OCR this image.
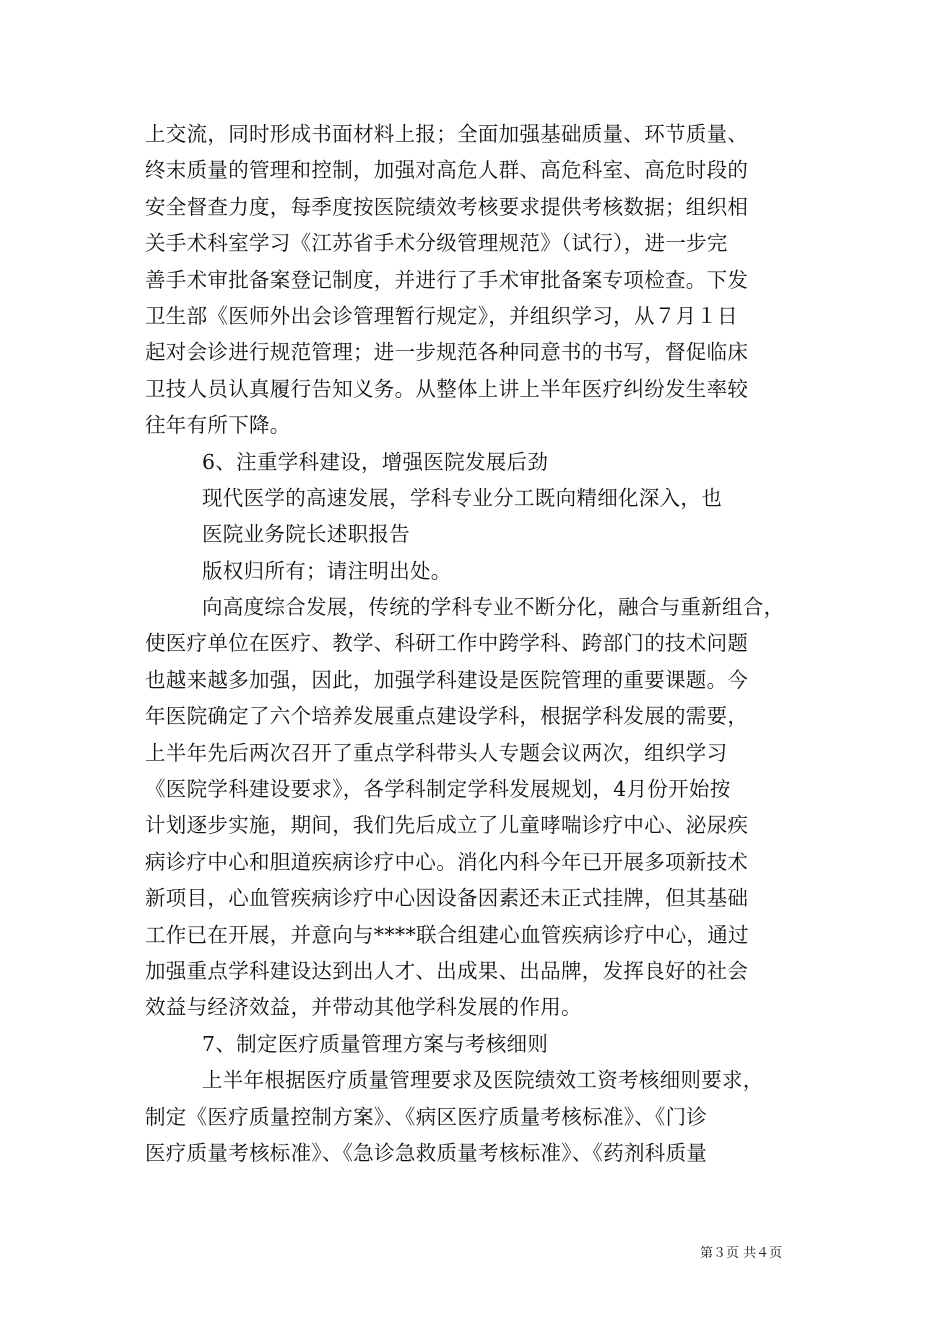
上交流，同时形成书面材料上报；全面加强基础质量、环节质量、
终末质量的管理和控制，加强对高危人群、高危科室、高危时段的
安全督查力度，每季度按医院绩效考核要求提供考核数据；组织相
关手术科室学习《江苏省手术分级管理规范》（试行），进一步完
善手术审批备案登记制度，并进行了手术审批备案专项检查。下发
卫生部《医师外出会诊管理暂行规定》，并组织学习，从７月１日
起对会诊进行规范管理；进一步规范各种同意书的书写，督促临床
卫技人员认真履行告知义务。从整体上讲上半年医疗纠纷发生率较
往年有所下降。
6、注重学科建设，增强医院发展后劲
现代医学的高速发展，学科专业分工既向精细化深入，也
医院业务院长述职报告
版权归所有；请注明出处。
向高度综合发展，传统的学科专业不断分化，融合与重新组合，
使医疗单位在医疗、教学、科研工作中跨学科、跨部门的技术问题
也越来越多加强，因此，加强学科建设是医院管理的重要课题。今
年医院确定了六个培养发展重点建设学科，根据学科发展的需要，
上半年先后两次召开了重点学科带头人专题会议两次，组织学习
《医院学科建设要求》，各学科制定学科发展规划，4月份开始按
计划逐步实施，期间，我们先后成立了儿童哮喘诊疗中心、泌尿疾
病诊疗中心和胆道疾病诊疗中心。消化内科今年已开展多项新技术
新项目，心血管疾病诊疗中心因设备因素还未正式挂牌，但其基础
工作已在开展，并意向与****联合组建心血管疾病诊疗中心，通过
加强重点学科建设达到出人才、出成果、出品牌，发挥良好的社会
效益与经济效益，并带动其他学科发展的作用。
7、制定医疗质量管理方案与考核细则
上半年根据医疗质量管理要求及医院绩效工资考核细则要求，
制定《医疗质量控制方案》、《病区医疗质量考核标准》、《门诊
医疗质量考核标准》、《急诊急救质量考核标准》、《药剂科质量
第３页 共４页
